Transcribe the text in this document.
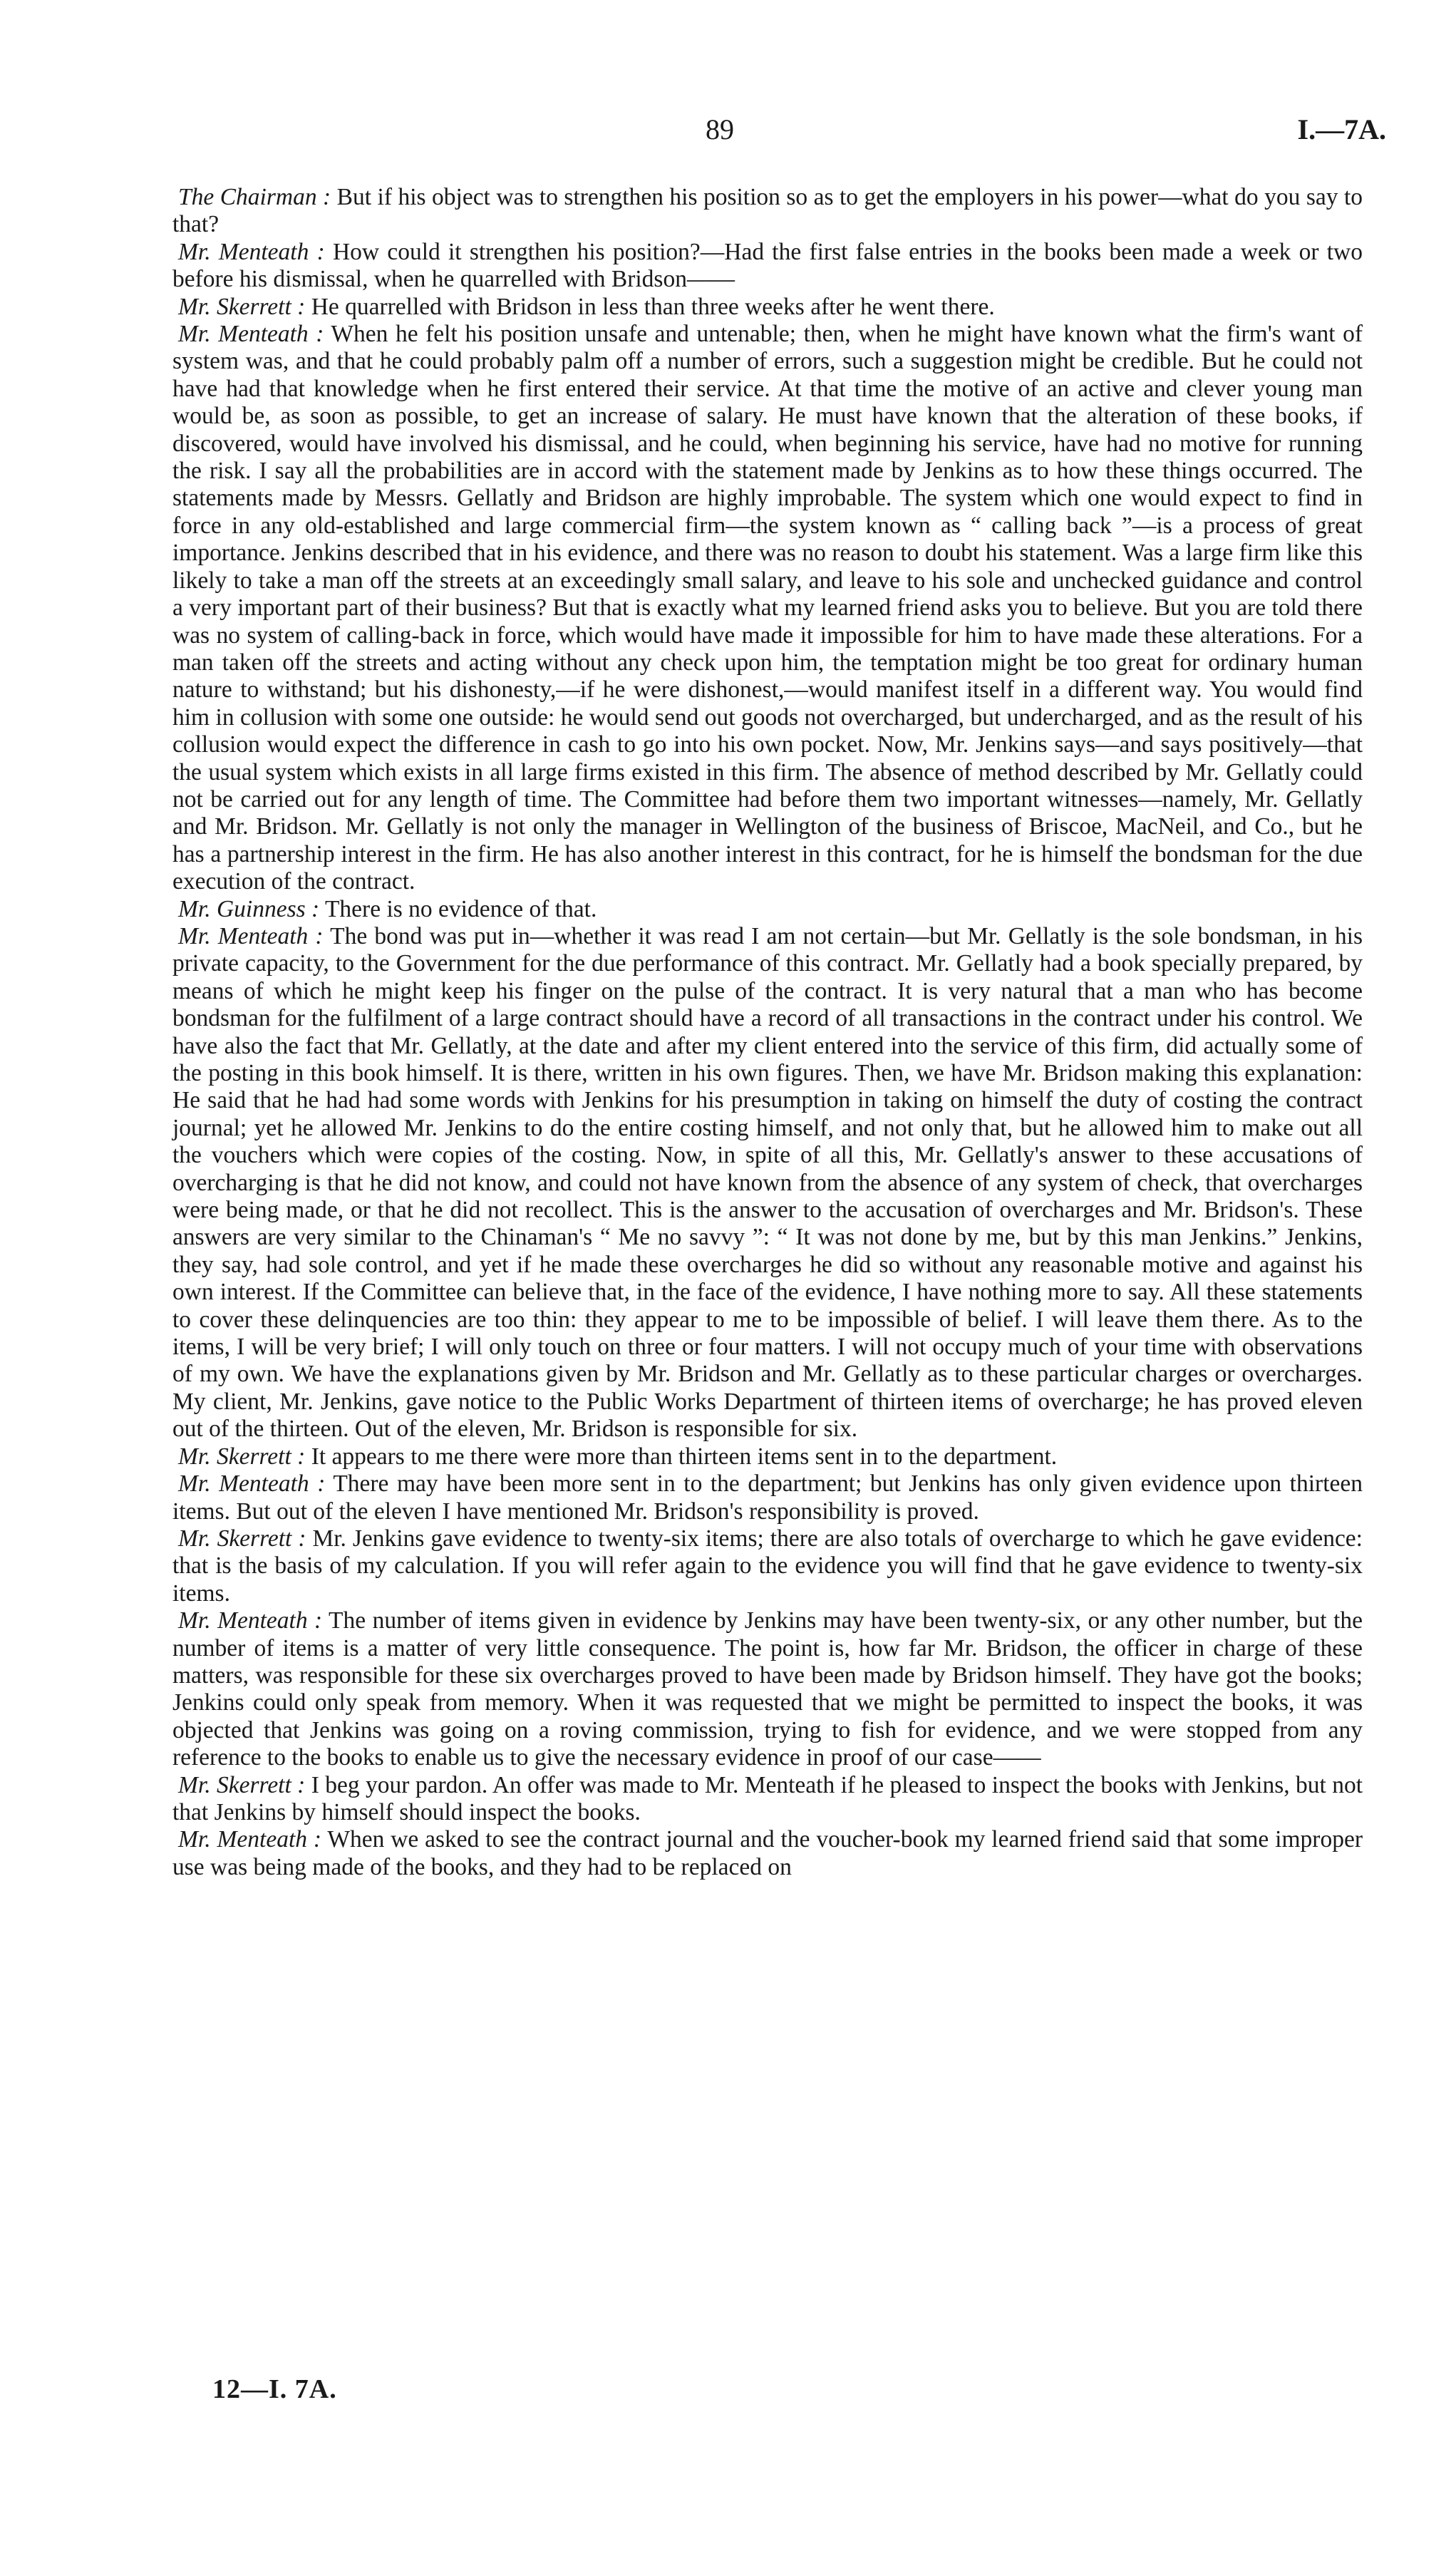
89	I.—7A.

The Chairman : But if his object was to strengthen his position so as to get the employers in his power—what do you say to that?

Mr. Menteath : How could it strengthen his position?—Had the first false entries in the books been made a week or two before his dismissal, when he quarrelled with Bridson——

Mr. Skerrett : He quarrelled with Bridson in less than three weeks after he went there.

Mr. Menteath : When he felt his position unsafe and untenable; then, when he might have known what the firm's want of system was, and that he could probably palm off a number of errors, such a suggestion might be credible. But he could not have had that knowledge when he first entered their service. At that time the motive of an active and clever young man would be, as soon as possible, to get an increase of salary. He must have known that the alteration of these books, if discovered, would have involved his dismissal, and he could, when beginning his service, have had no motive for running the risk. I say all the probabilities are in accord with the statement made by Jenkins as to how these things occurred. The statements made by Messrs. Gellatly and Bridson are highly improbable. The system which one would expect to find in force in any old-established and large commercial firm—the system known as “ calling back ”—is a process of great importance. Jenkins described that in his evidence, and there was no reason to doubt his statement. Was a large firm like this likely to take a man off the streets at an exceedingly small salary, and leave to his sole and unchecked guidance and control a very important part of their business? But that is exactly what my learned friend asks you to believe. But you are told there was no system of calling-back in force, which would have made it impossible for him to have made these alterations. For a man taken off the streets and acting without any check upon him, the temptation might be too great for ordinary human nature to withstand; but his dishonesty,—if he were dishonest,—would manifest itself in a different way. You would find him in collusion with some one outside: he would send out goods not overcharged, but undercharged, and as the result of his collusion would expect the difference in cash to go into his own pocket. Now, Mr. Jenkins says—and says positively—that the usual system which exists in all large firms existed in this firm. The absence of method described by Mr. Gellatly could not be carried out for any length of time. The Committee had before them two important witnesses—namely, Mr. Gellatly and Mr. Bridson. Mr. Gellatly is not only the manager in Wellington of the business of Briscoe, MacNeil, and Co., but he has a partnership interest in the firm. He has also another interest in this contract, for he is himself the bondsman for the due execution of the contract.

Mr. Guinness : There is no evidence of that.

Mr. Menteath : The bond was put in—whether it was read I am not certain—but Mr. Gellatly is the sole bondsman, in his private capacity, to the Government for the due performance of this contract. Mr. Gellatly had a book specially prepared, by means of which he might keep his finger on the pulse of the contract. It is very natural that a man who has become bondsman for the fulfilment of a large contract should have a record of all transactions in the contract under his control. We have also the fact that Mr. Gellatly, at the date and after my client entered into the service of this firm, did actually some of the posting in this book himself. It is there, written in his own figures. Then, we have Mr. Bridson making this explanation: He said that he had had some words with Jenkins for his presumption in taking on himself the duty of costing the contract journal; yet he allowed Mr. Jenkins to do the entire costing himself, and not only that, but he allowed him to make out all the vouchers which were copies of the costing. Now, in spite of all this, Mr. Gellatly's answer to these accusations of overcharging is that he did not know, and could not have known from the absence of any system of check, that overcharges were being made, or that he did not recollect. This is the answer to the accusation of overcharges and Mr. Bridson's. These answers are very similar to the Chinaman's “ Me no savvy ”: “ It was not done by me, but by this man Jenkins.” Jenkins, they say, had sole control, and yet if he made these overcharges he did so without any reasonable motive and against his own interest. If the Committee can believe that, in the face of the evidence, I have nothing more to say. All these statements to cover these delinquencies are too thin: they appear to me to be impossible of belief. I will leave them there. As to the items, I will be very brief; I will only touch on three or four matters. I will not occupy much of your time with observations of my own. We have the explanations given by Mr. Bridson and Mr. Gellatly as to these particular charges or overcharges. My client, Mr. Jenkins, gave notice to the Public Works Department of thirteen items of overcharge; he has proved eleven out of the thirteen. Out of the eleven, Mr. Bridson is responsible for six.

Mr. Skerrett : It appears to me there were more than thirteen items sent in to the department.

Mr. Menteath : There may have been more sent in to the department; but Jenkins has only given evidence upon thirteen items. But out of the eleven I have mentioned Mr. Bridson's responsibility is proved.

Mr. Skerrett : Mr. Jenkins gave evidence to twenty-six items; there are also totals of overcharge to which he gave evidence: that is the basis of my calculation. If you will refer again to the evidence you will find that he gave evidence to twenty-six items.

Mr. Menteath : The number of items given in evidence by Jenkins may have been twenty-six, or any other number, but the number of items is a matter of very little consequence. The point is, how far Mr. Bridson, the officer in charge of these matters, was responsible for these six overcharges proved to have been made by Bridson himself. They have got the books; Jenkins could only speak from memory. When it was requested that we might be permitted to inspect the books, it was objected that Jenkins was going on a roving commission, trying to fish for evidence, and we were stopped from any reference to the books to enable us to give the necessary evidence in proof of our case——

Mr. Skerrett : I beg your pardon. An offer was made to Mr. Menteath if he pleased to inspect the books with Jenkins, but not that Jenkins by himself should inspect the books.

Mr. Menteath : When we asked to see the contract journal and the voucher-book my learned friend said that some improper use was being made of the books, and they had to be replaced on

12—I. 7A.
